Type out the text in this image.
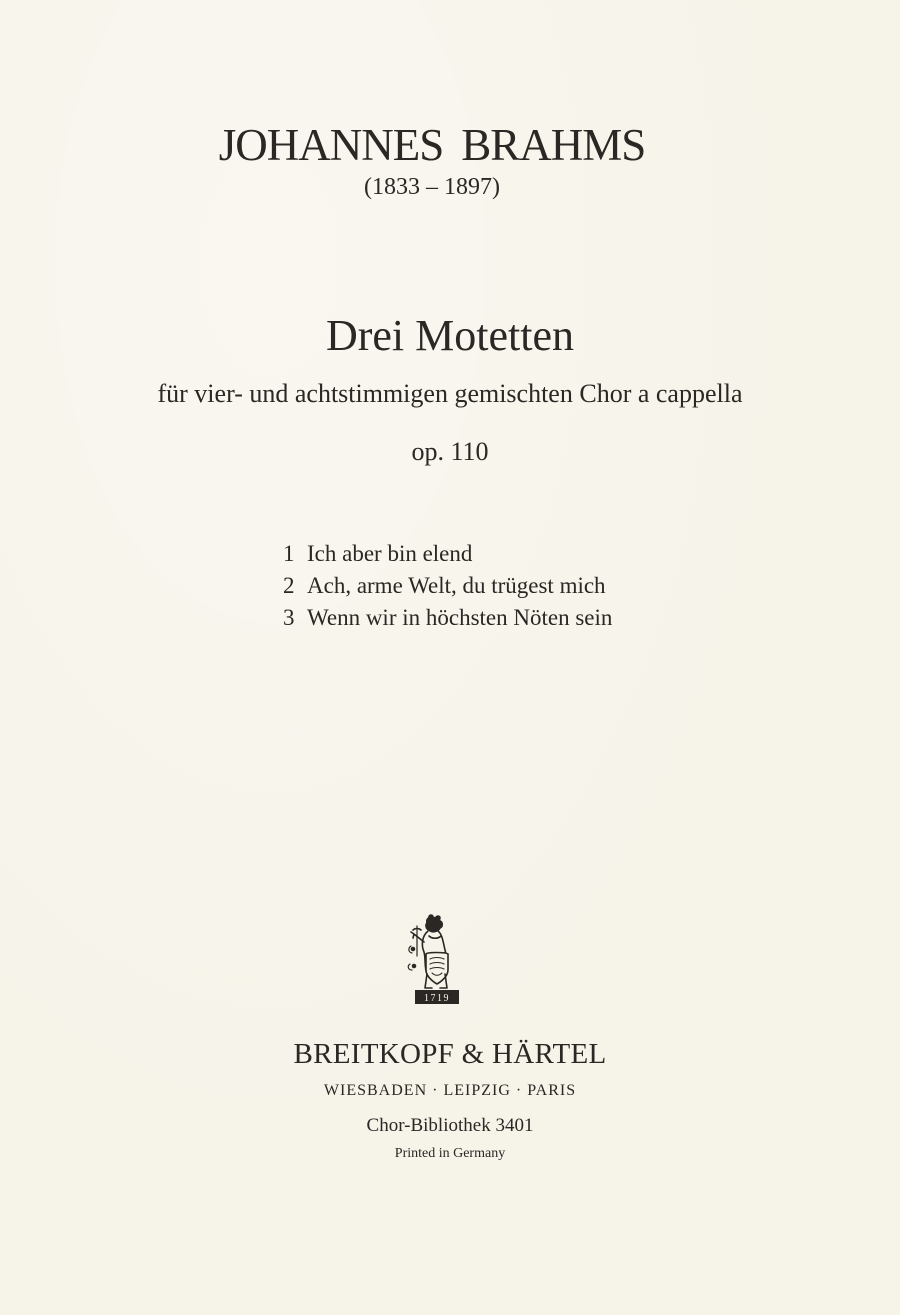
JOHANNES BRAHMS
(1833 – 1897)
Drei Motetten
für vier- und achtstimmigen gemischten Chor a cappella
op. 110
1 Ich aber bin elend
2 Ach, arme Welt, du trügest mich
3 Wenn wir in höchsten Nöten sein
1719
BREITKOPF & HÄRTEL
WIESBADEN · LEIPZIG · PARIS
Chor-Bibliothek 3401
Printed in Germany
